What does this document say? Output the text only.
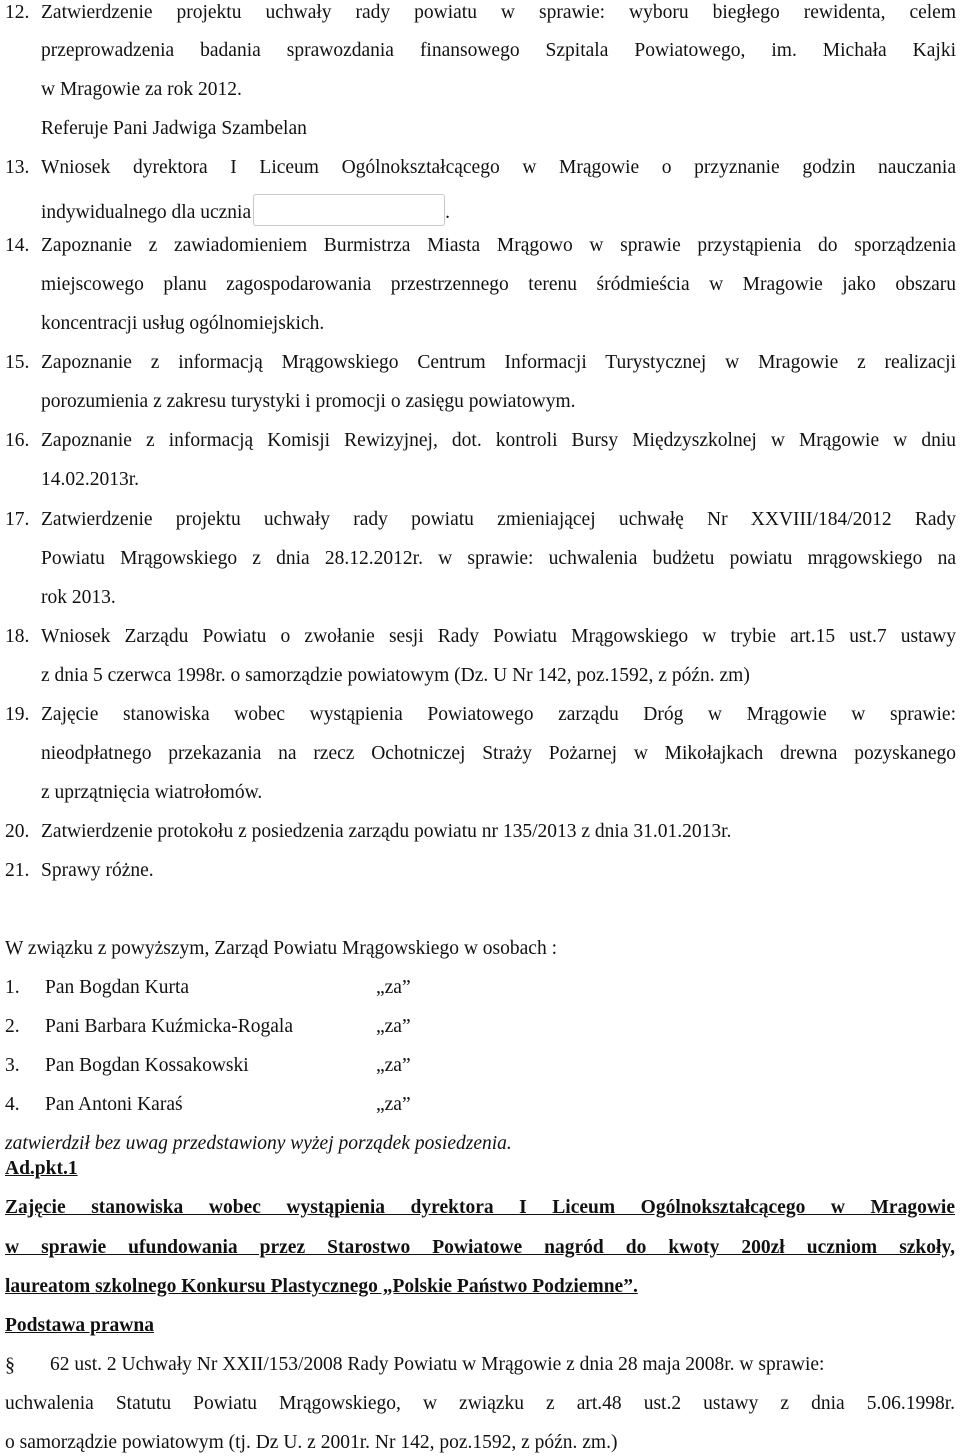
12. Zatwierdzenie projektu uchwały rady powiatu w sprawie: wyboru biegłego rewidenta, celem
przeprowadzenia badania sprawozdania finansowego Szpitala Powiatowego, im. Michała Kajki
w Mragowie za rok 2012.
Referuje Pani Jadwiga Szambelan
13. Wniosek dyrektora I Liceum Ogólnokształcącego w Mrągowie o przyznanie godzin nauczania
indywidualnego dla ucznia	.
14. Zapoznanie z zawiadomieniem Burmistrza Miasta Mrągowo w sprawie przystąpienia do sporządzenia
miejscowego planu zagospodarowania przestrzennego terenu śródmieścia w Mragowie jako obszaru
koncentracji usług ogólnomiejskich.
15. Zapoznanie z informacją Mrągowskiego Centrum Informacji Turystycznej w Mragowie z realizacji
porozumienia z zakresu turystyki i promocji o zasięgu powiatowym.
16. Zapoznanie z informacją Komisji Rewizyjnej, dot. kontroli Bursy Międzyszkolnej w Mrągowie w dniu
14.02.2013r.
17. Zatwierdzenie projektu uchwały rady powiatu zmieniającej uchwałę Nr XXVIII/184/2012 Rady
Powiatu Mrągowskiego z dnia 28.12.2012r. w sprawie: uchwalenia budżetu powiatu mrągowskiego na
rok 2013.
18. Wniosek Zarządu Powiatu o zwołanie sesji Rady Powiatu Mrągowskiego w trybie art.15 ust.7 ustawy
z dnia 5 czerwca 1998r. o samorządzie powiatowym (Dz. U Nr 142, poz.1592, z późn. zm)
19. Zajęcie stanowiska wobec wystąpienia Powiatowego zarządu Dróg w Mrągowie w sprawie:
nieodpłatnego przekazania na rzecz Ochotniczej Straży Pożarnej w Mikołajkach drewna pozyskanego
z uprzątnięcia wiatrołomów.
20. Zatwierdzenie protokołu z posiedzenia zarządu powiatu nr 135/2013 z dnia 31.01.2013r.
21. Sprawy różne.
W związku z powyższym, Zarząd Powiatu Mrągowskiego w osobach :
1. Pan Bogdan Kurta	„za”
2. Pani Barbara Kuźmicka-Rogala	„za”
3. Pan Bogdan Kossakowski	„za”
4. Pan Antoni Karaś	„za”
zatwierdził bez uwag przedstawiony wyżej porządek posiedzenia.
Ad.pkt.1
Zajęcie stanowiska wobec wystąpienia dyrektora I Liceum Ogólnokształcącego w Mragowie
w sprawie ufundowania przez Starostwo Powiatowe nagród do kwoty 200zł uczniom szkoły,
laureatom szkolnego Konkursu Plastycznego „Polskie Państwo Podziemne”.
Podstawa prawna
§ 62 ust. 2 Uchwały Nr XXII/153/2008 Rady Powiatu w Mrągowie z dnia 28 maja 2008r. w sprawie:
uchwalenia Statutu Powiatu Mrągowskiego, w związku z art.48 ust.2 ustawy z dnia 5.06.1998r.
o samorządzie powiatowym (tj. Dz U. z 2001r. Nr 142, poz.1592, z późn. zm.)
